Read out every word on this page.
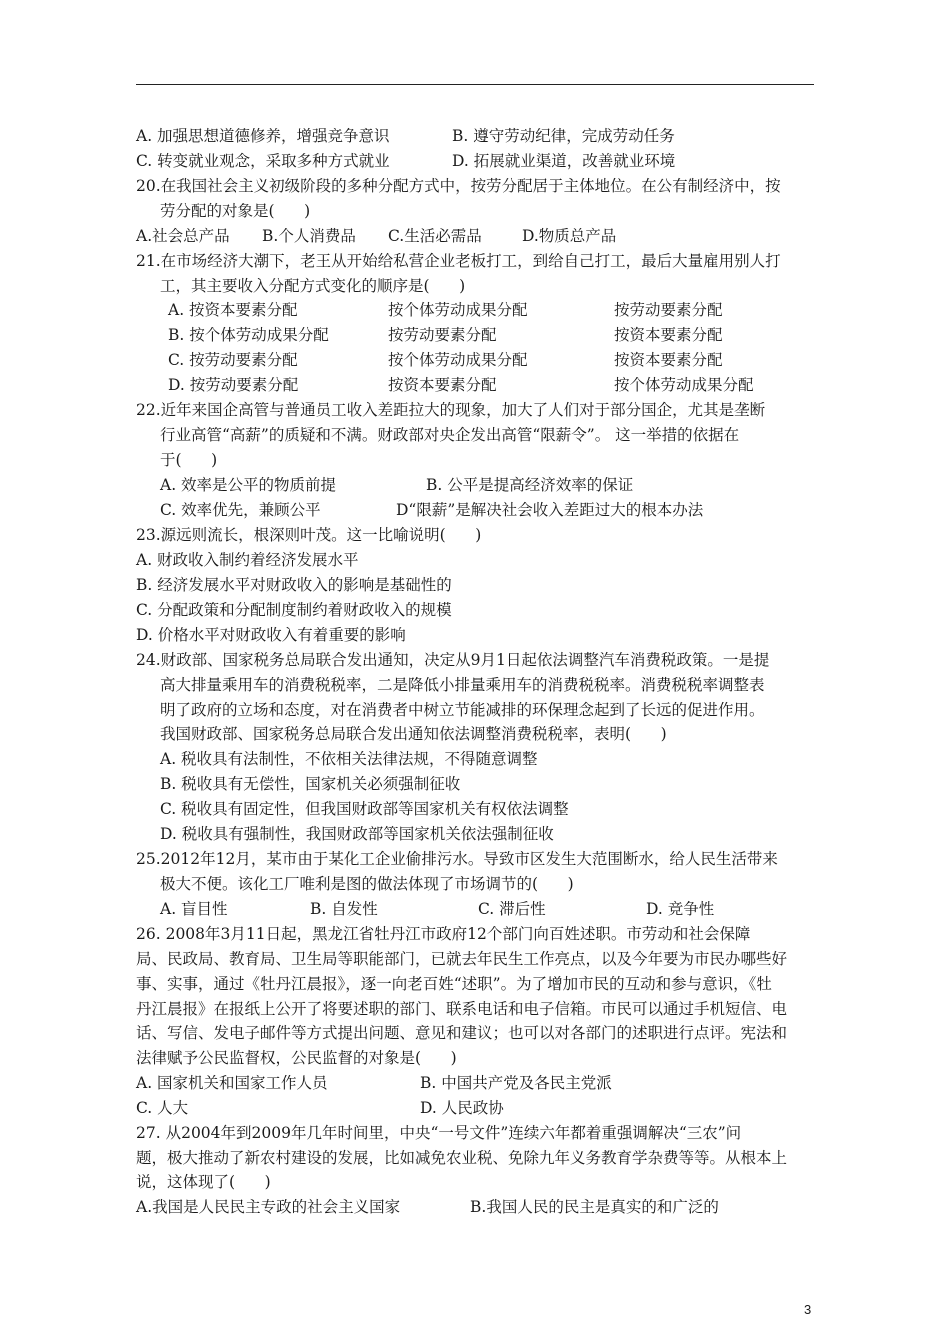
A. 加强思想道德修养，增强竞争意识	B. 遵守劳动纪律，完成劳动任务
C. 转变就业观念，采取多种方式就业	D. 拓展就业渠道，改善就业环境
20.在我国社会主义初级阶段的多种分配方式中，按劳分配居于主体地位。在公有制经济中，按
劳分配的对象是(      )
A.社会总产品 B.个人消费品 C.生活必需品	D.物质总产品
21.在市场经济大潮下，老王从开始给私营企业老板打工，到给自己打工，最后大量雇用别人打
工，其主要收入分配方式变化的顺序是(      )
A. 按资本要素分配	按个体劳动成果分配	按劳动要素分配
B. 按个体劳动成果分配	按劳动要素分配	按资本要素分配
C. 按劳动要素分配	按个体劳动成果分配	按资本要素分配
D. 按劳动要素分配	按资本要素分配	按个体劳动成果分配
22.近年来国企高管与普通员工收入差距拉大的现象，加大了人们对于部分国企，尤其是垄断
行业高管“高薪”的质疑和不满。财政部对央企发出高管“限薪令”。 这一举措的依据在
于(      )
A. 效率是公平的物质前提	B. 公平是提高经济效率的保证
C. 效率优先，兼顾公平	D“限薪”是解决社会收入差距过大的根本办法
23.源远则流长，根深则叶茂。这一比喻说明(      )
A. 财政收入制约着经济发展水平
B. 经济发展水平对财政收入的影响是基础性的
C. 分配政策和分配制度制约着财政收入的规模
D. 价格水平对财政收入有着重要的影响
24.财政部、国家税务总局联合发出通知，决定从9月1日起依法调整汽车消费税政策。一是提
高大排量乘用车的消费税税率，二是降低小排量乘用车的消费税税率。消费税税率调整表
明了政府的立场和态度，对在消费者中树立节能减排的环保理念起到了长远的促进作用。
我国财政部、国家税务总局联合发出通知依法调整消费税税率，表明(      )
A. 税收具有法制性，不依相关法律法规，不得随意调整
B. 税收具有无偿性，国家机关必须强制征收
C. 税收具有固定性，但我国财政部等国家机关有权依法调整
D. 税收具有强制性，我国财政部等国家机关依法强制征收
25.2012年12月，某市由于某化工企业偷排污水。导致市区发生大范围断水，给人民生活带来
极大不便。该化工厂唯利是图的做法体现了市场调节的(      )
A. 盲目性	B. 自发性	C. 滞后性	D. 竞争性
26. 2008年3月11日起，黑龙江省牡丹江市政府12个部门向百姓述职。市劳动和社会保障
局、民政局、教育局、卫生局等职能部门，已就去年民生工作亮点，以及今年要为市民办哪些好
事、实事，通过《牡丹江晨报》，逐一向老百姓“述职”。为了增加市民的互动和参与意识，《牡
丹江晨报》在报纸上公开了将要述职的部门、联系电话和电子信箱。市民可以通过手机短信、电
话、写信、发电子邮件等方式提出问题、意见和建议；也可以对各部门的述职进行点评。宪法和
法律赋予公民监督权，公民监督的对象是(      )
A. 国家机关和国家工作人员	B. 中国共产党及各民主党派
C. 人大	D. 人民政协
27. 从2004年到2009年几年时间里，中央“一号文件”连续六年都着重强调解决“三农”问
题，极大推动了新农村建设的发展，比如减免农业税、免除九年义务教育学杂费等等。从根本上
说，这体现了(      )
A.我国是人民民主专政的社会主义国家	B.我国人民的民主是真实的和广泛的
3
